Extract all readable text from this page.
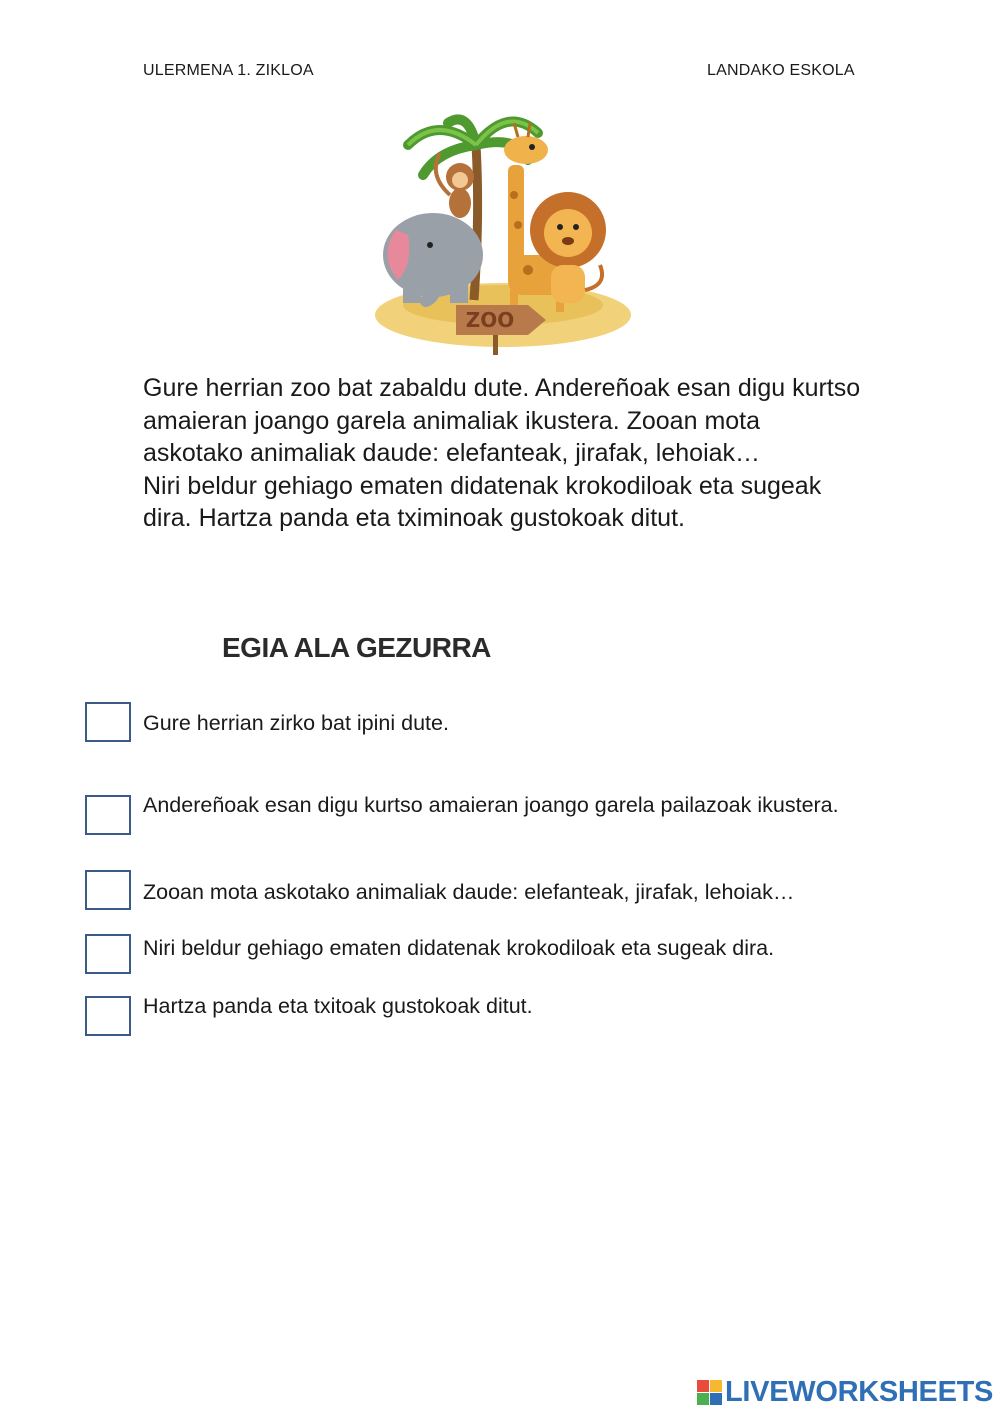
ULERMENA 1. ZIKLOA	LANDAKO ESKOLA
ZOO

Gure herrian zoo bat zabaldu dute. Andereñoak esan digu kurtso amaieran joango garela animaliak ikustera. Zooan mota askotako animaliak daude: elefanteak, jirafak, lehoiak…

Niri beldur gehiago ematen didatenak krokodiloak eta sugeak dira. Hartza panda eta tximinoak gustokoak ditut.

EGIA ALA GEZURRA
Gure herrian zirko bat ipini dute.
Andereñoak esan digu kurtso amaieran joango garela pailazoak ikustera.
Zooan mota askotako animaliak daude: elefanteak, jirafak, lehoiak…
Niri beldur gehiago ematen didatenak krokodiloak eta sugeak dira.
Hartza panda eta txitoak gustokoak ditut.
LIVEWORKSHEETS
